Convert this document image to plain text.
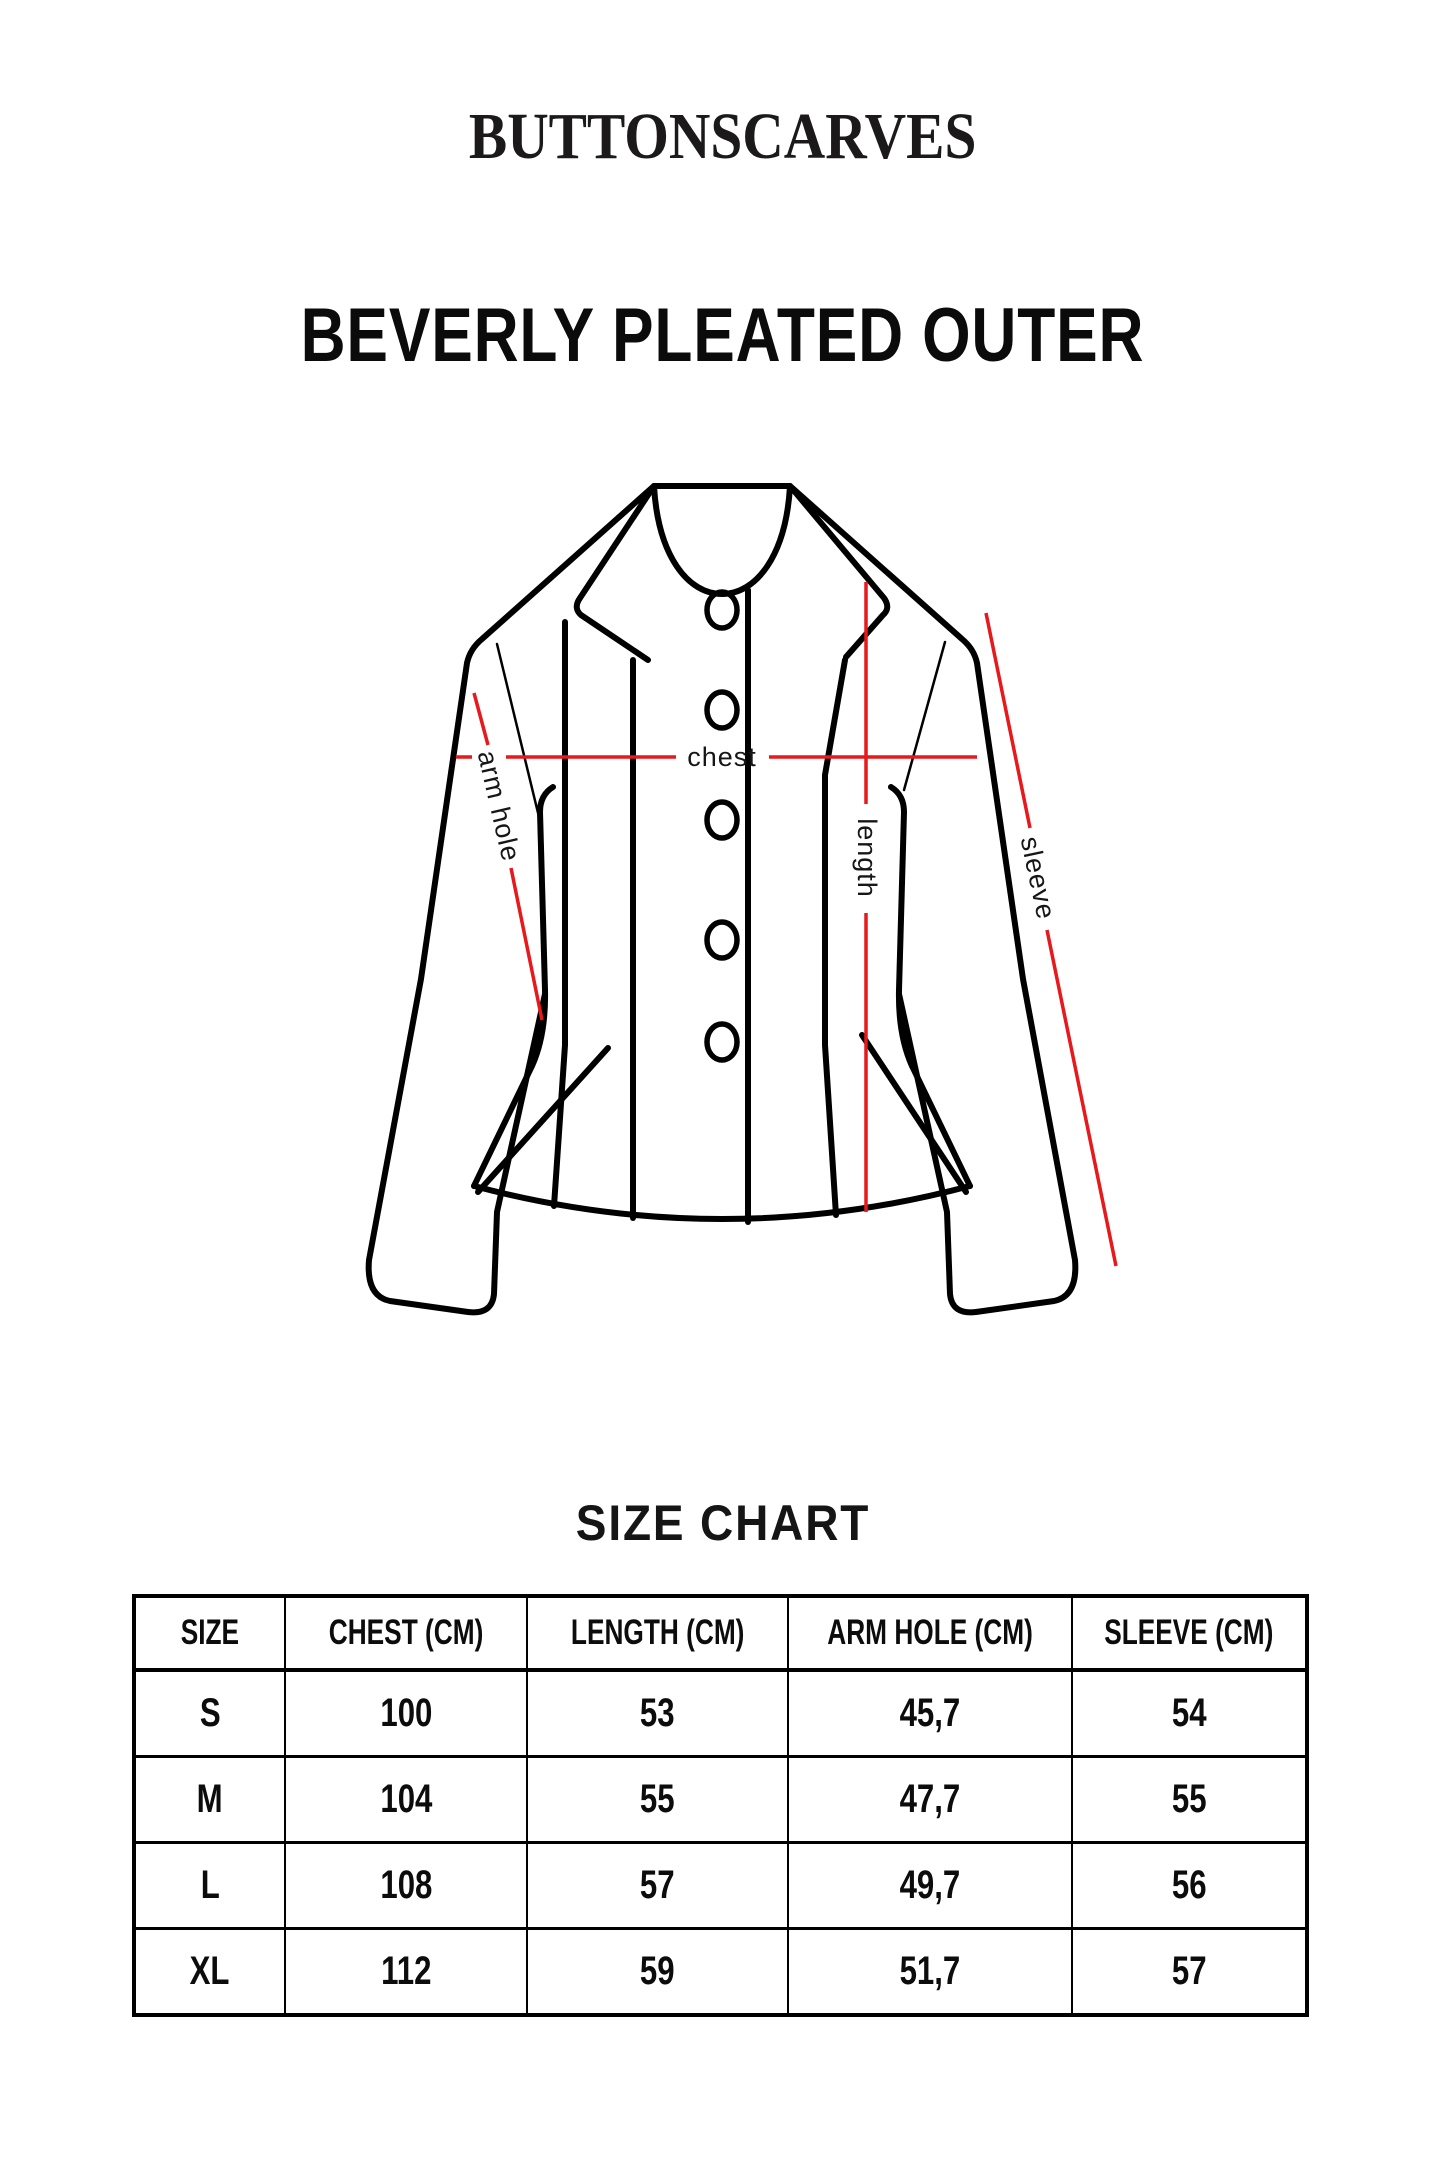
BUTTONSCARVES
BEVERLY PLEATED OUTER
chest
arm hole	length	sleeve
SIZE CHART
SIZE	CHEST (CM)	LENGTH (CM)	ARM HOLE (CM)	SLEEVE (CM)
S	100	53	45,7	54
M	104	55	47,7	55
L	108	57	49,7	56
XL	112	59	51,7	57
